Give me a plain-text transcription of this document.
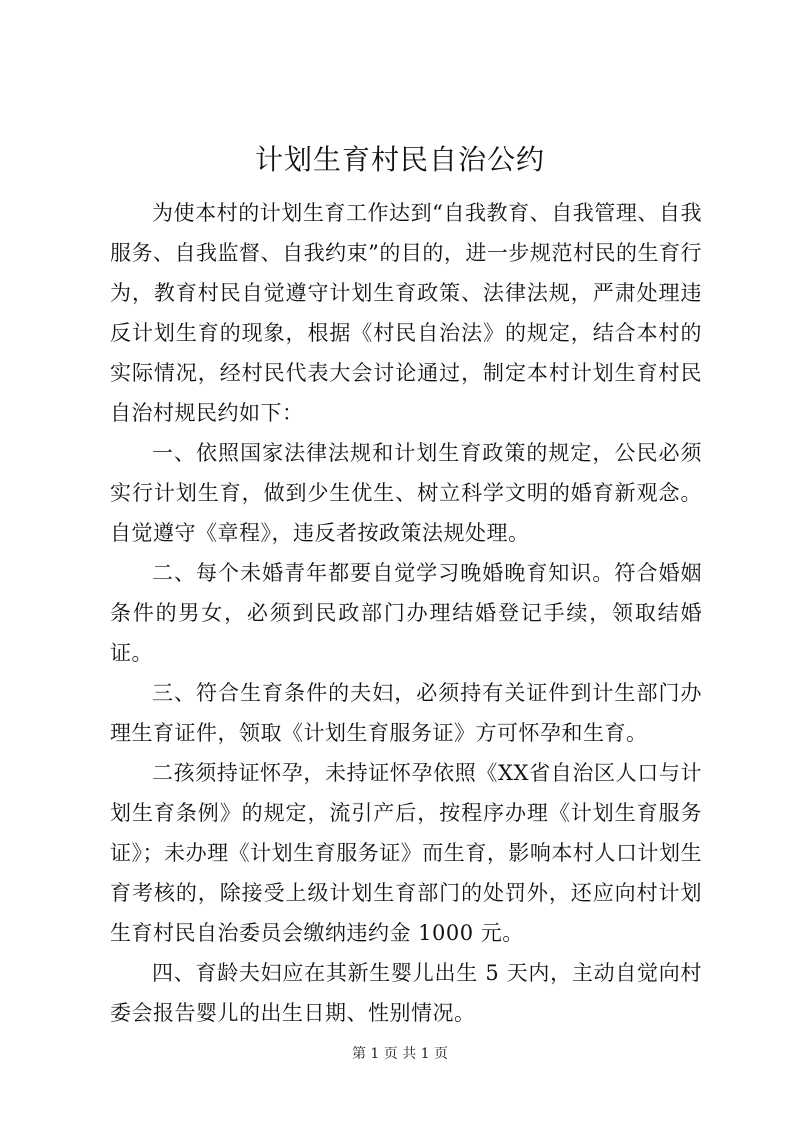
计划生育村民自治公约

为使本村的计划生育工作达到“自我教育、自我管理、自我服务、自我监督、自我约束”的目的，进一步规范村民的生育行为，教育村民自觉遵守计划生育政策、法律法规，严肃处理违反计划生育的现象，根据《村民自治法》的规定，结合本村的实际情况，经村民代表大会讨论通过，制定本村计划生育村民自治村规民约如下：

一、依照国家法律法规和计划生育政策的规定，公民必须实行计划生育，做到少生优生、树立科学文明的婚育新观念。自觉遵守《章程》，违反者按政策法规处理。

二、每个未婚青年都要自觉学习晚婚晚育知识。符合婚姻条件的男女，必须到民政部门办理结婚登记手续，领取结婚证。

三、符合生育条件的夫妇，必须持有关证件到计生部门办理生育证件，领取《计划生育服务证》方可怀孕和生育。

二孩须持证怀孕，未持证怀孕依照《XX省自治区人口与计划生育条例》的规定，流引产后，按程序办理《计划生育服务证》；未办理《计划生育服务证》而生育，影响本村人口计划生育考核的，除接受上级计划生育部门的处罚外，还应向村计划生育村民自治委员会缴纳违约金 1000 元。

四、育龄夫妇应在其新生婴儿出生 5 天内，主动自觉向村委会报告婴儿的出生日期、性别情况。

第 1 页 共 1 页
